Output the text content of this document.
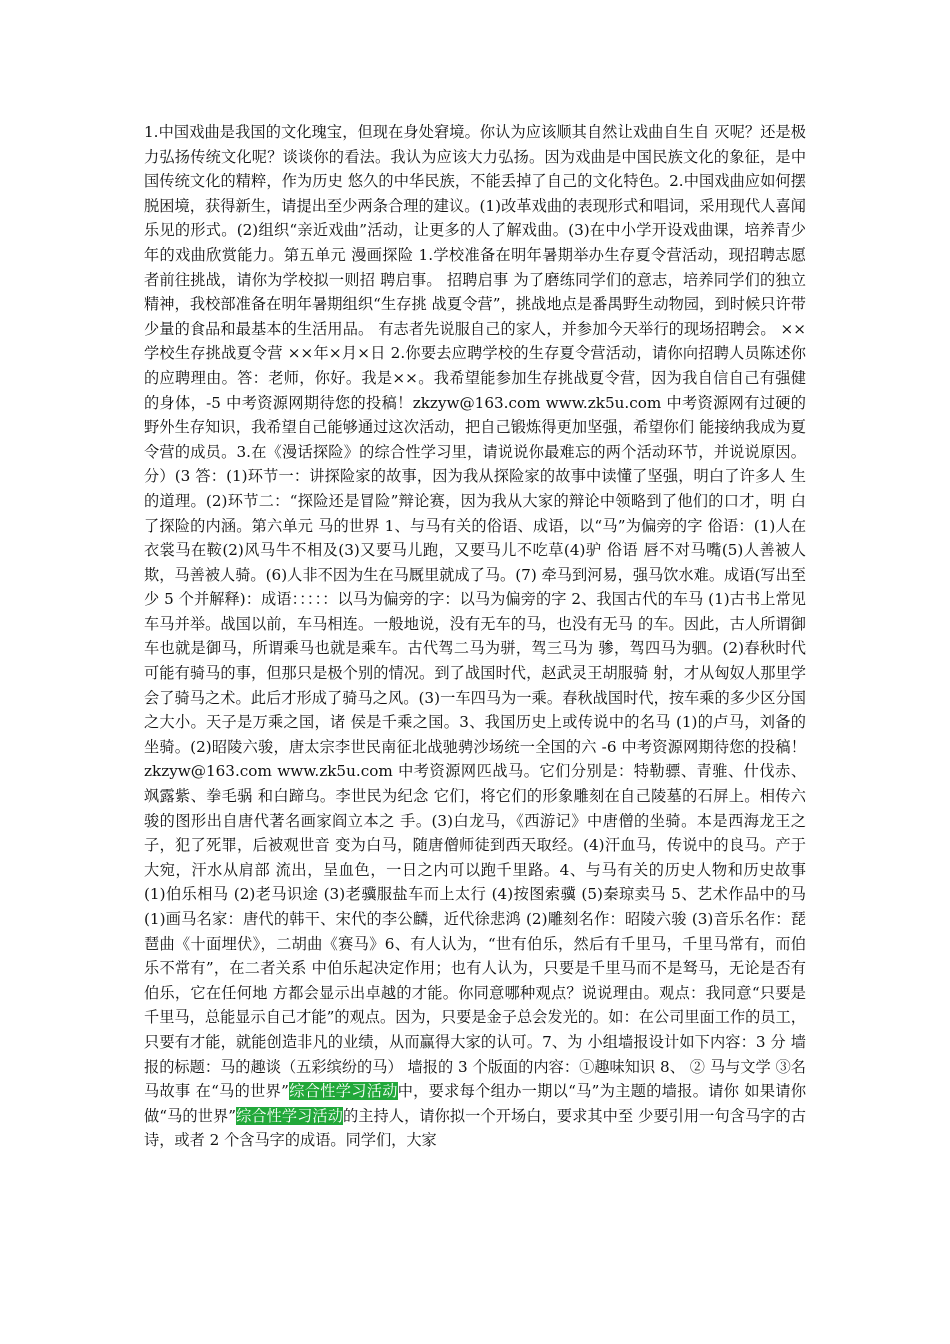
1.中国戏曲是我国的文化瑰宝，但现在身处窘境。你认为应该顺其自然让戏曲自生自 灭呢？还是极力弘扬传统文化呢？谈谈你的看法。我认为应该大力弘扬。因为戏曲是中国民族文化的象征，是中国传统文化的精粹，作为历史 悠久的中华民族，不能丢掉了自己的文化特色。2.中国戏曲应如何摆脱困境，获得新生，请提出至少两条合理的建议。(1)改革戏曲的表现形式和唱词，采用现代人喜闻乐见的形式。(2)组织“亲近戏曲”活动，让更多的人了解戏曲。(3)在中小学开设戏曲课，培养青少年的戏曲欣赏能力。第五单元 漫画探险 1.学校准备在明年暑期举办生存夏令营活动，现招聘志愿者前往挑战，请你为学校拟一则招 聘启事。 招聘启事 为了磨练同学们的意志，培养同学们的独立精神，我校部准备在明年暑期组织“生存挑 战夏令营”，挑战地点是番禺野生动物园，到时候只许带少量的食品和最基本的生活用品。 有志者先说服自己的家人，并参加今天举行的现场招聘会。 ××学校生存挑战夏令营 ××年×月×日 2.你要去应聘学校的生存夏令营活动，请你向招聘人员陈述你的应聘理由。答：老师，你好。我是××。我希望能参加生存挑战夏令营，因为我自信自己有强健的身体，-5 中考资源网期待您的投稿！zkzyw@163.com www.zk5u.com 中考资源网有过硬的野外生存知识，我希望自己能够通过这次活动，把自己锻炼得更加坚强，希望你们 能接纳我成为夏令营的成员。3.在《漫话探险》的综合性学习里，请说说你最难忘的两个活动环节，并说说原因。分）(3 答：(1)环节一：讲探险家的故事，因为我从探险家的故事中读懂了坚强，明白了许多人 生的道理。(2)环节二：“探险还是冒险”辩论赛，因为我从大家的辩论中领略到了他们的口才，明 白了探险的内涵。第六单元 马的世界 1、与马有关的俗语、成语，以“马”为偏旁的字 俗语：(1)人在衣裳马在鞍(2)风马牛不相及(3)又要马儿跑，又要马儿不吃草(4)驴 俗语 唇不对马嘴(5)人善被人欺，马善被人骑。(6)人非不因为生在马厩里就成了马。(7) 牵马到河易，强马饮水难。成语(写出至少 5 个并解释)：成语：：：：：以马为偏旁的字：以马为偏旁的字 2、我国古代的车马 (1)古书上常见车马并举。战国以前，车马相连。一般地说，没有无车的马，也没有无马 的车。因此，古人所谓御车也就是御马，所谓乘马也就是乘车。古代驾二马为骈，驾三马为 骖，驾四马为驷。(2)春秋时代可能有骑马的事，但那只是极个别的情况。到了战国时代，赵武灵王胡服骑 射，才从匈奴人那里学会了骑马之术。此后才形成了骑马之风。(3)一车四马为一乘。春秋战国时代，按车乘的多少区分国之大小。天子是万乘之国，诸 侯是千乘之国。3、我国历史上或传说中的名马 (1)的卢马，刘备的坐骑。(2)昭陵六骏，唐太宗李世民南征北战驰骋沙场统一全国的六 -6 中考资源网期待您的投稿！ zkzyw@163.com www.zk5u.com 中考资源网匹战马。它们分别是：特勒骠、青骓、什伐赤、飒露紫、拳毛䯄 和白蹄乌。李世民为纪念 它们，将它们的形象雕刻在自己陵墓的石屏上。相传六骏的图形出自唐代著名画家阎立本之 手。(3)白龙马，《西游记》中唐僧的坐骑。本是西海龙王之子，犯了死罪，后被观世音 变为白马，随唐僧师徒到西天取经。(4)汗血马，传说中的良马。产于大宛，汗水从肩部 流出，呈血色，一日之内可以跑千里路。4、与马有关的历史人物和历史故事 (1)伯乐相马 (2)老马识途 (3)老骥服盐车而上太行 (4)按图索骥 (5)秦琼卖马 5、艺术作品中的马 (1)画马名家：唐代的韩干、宋代的李公麟，近代徐悲鸿 (2)雕刻名作：昭陵六骏 (3)音乐名作：琵琶曲《十面埋伏》，二胡曲《赛马》6、有人认为，“世有伯乐，然后有千里马，千里马常有，而伯乐不常有”，在二者关系 中伯乐起决定作用；也有人认为，只要是千里马而不是驽马，无论是否有伯乐，它在任何地 方都会显示出卓越的才能。你同意哪种观点？说说理由。观点：我同意“只要是千里马，总能显示自己才能”的观点。因为，只要是金子总会发光的。如：在公司里面工作的员工，只要有才能，就能创造非凡的业绩，从而赢得大家的认可。7、为 小组墙报设计如下内容：3 分 墙报的标题：马的趣谈（五彩缤纷的马） 墙报的 3 个版面的内容：①趣味知识 8、 ② 马与文学 ③名马故事 在“马的世界”综合性学习活动中，要求每个组办一期以“马”为主题的墙报。请你 如果请你做“马的世界”综合性学习活动的主持人，请你拟一个开场白，要求其中至 少要引用一句含马字的古诗，或者 2 个含马字的成语。同学们，大家
